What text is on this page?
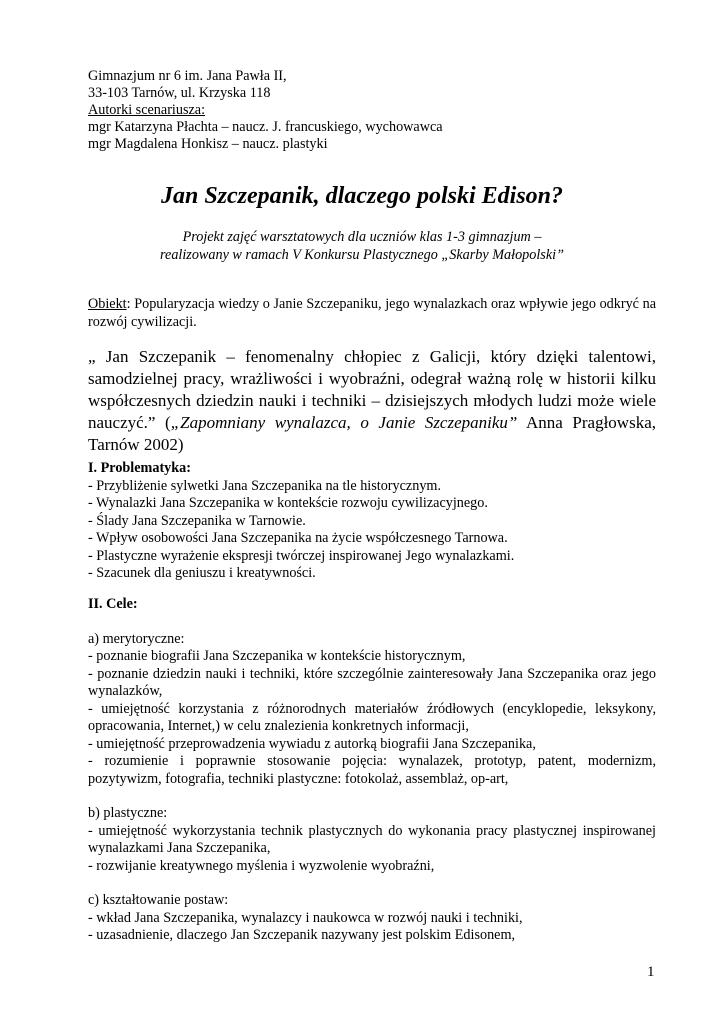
Gimnazjum nr 6 im. Jana Pawła II,
33-103 Tarnów, ul. Krzyska 118
Autorki scenariusza:
mgr Katarzyna Płachta – naucz. J. francuskiego, wychowawca
mgr Magdalena Honkisz – naucz. plastyki
Jan Szczepanik, dlaczego polski Edison?
Projekt zajęć warsztatowych dla uczniów klas 1-3 gimnazjum –
realizowany w ramach V Konkursu Plastycznego „Skarby Małopolski”
Obiekt: Popularyzacja wiedzy o Janie Szczepaniku, jego wynalazkach oraz wpływie jego odkryć na rozwój cywilizacji.
„ Jan Szczepanik – fenomenalny chłopiec z Galicji, który dzięki talentowi, samodzielnej pracy, wrażliwości i wyobraźni, odegrał ważną rolę w historii kilku współczesnych dziedzin nauki i techniki – dzisiejszych młodych ludzi może wiele nauczyć.” („Zapomniany wynalazca, o Janie Szczepaniku” Anna Pragłowska, Tarnów 2002)
I. Problematyka:
- Przybliżenie sylwetki Jana Szczepanika na tle historycznym.
- Wynalazki Jana Szczepanika w kontekście rozwoju cywilizacyjnego.
- Ślady Jana Szczepanika w Tarnowie.
- Wpływ osobowości Jana Szczepanika na życie współczesnego Tarnowa.
- Plastyczne wyrażenie ekspresji twórczej inspirowanej Jego wynalazkami.
- Szacunek dla geniuszu i kreatywności.
II. Cele:
a) merytoryczne:
- poznanie biografii Jana Szczepanika w kontekście historycznym,
- poznanie dziedzin nauki i techniki, które szczególnie zainteresowały Jana Szczepanika oraz jego wynalazków,
- umiejętność korzystania z różnorodnych materiałów źródłowych (encyklopedie, leksykony, opracowania, Internet,) w celu znalezienia konkretnych informacji,
- umiejętność przeprowadzenia wywiadu z autorką biografii Jana Szczepanika,
- rozumienie i poprawnie stosowanie pojęcia: wynalazek, prototyp, patent, modernizm, pozytywizm, fotografia, techniki plastyczne: fotokolaż, assemblaż, op-art,
b) plastyczne:
- umiejętność wykorzystania technik plastycznych do wykonania pracy plastycznej inspirowanej wynalazkami Jana Szczepanika,
- rozwijanie kreatywnego myślenia i wyzwolenie wyobraźni,
c) kształtowanie postaw:
- wkład Jana Szczepanika, wynalazcy i naukowca w rozwój nauki i techniki,
- uzasadnienie, dlaczego Jan Szczepanik nazywany jest polskim Edisonem,
1
